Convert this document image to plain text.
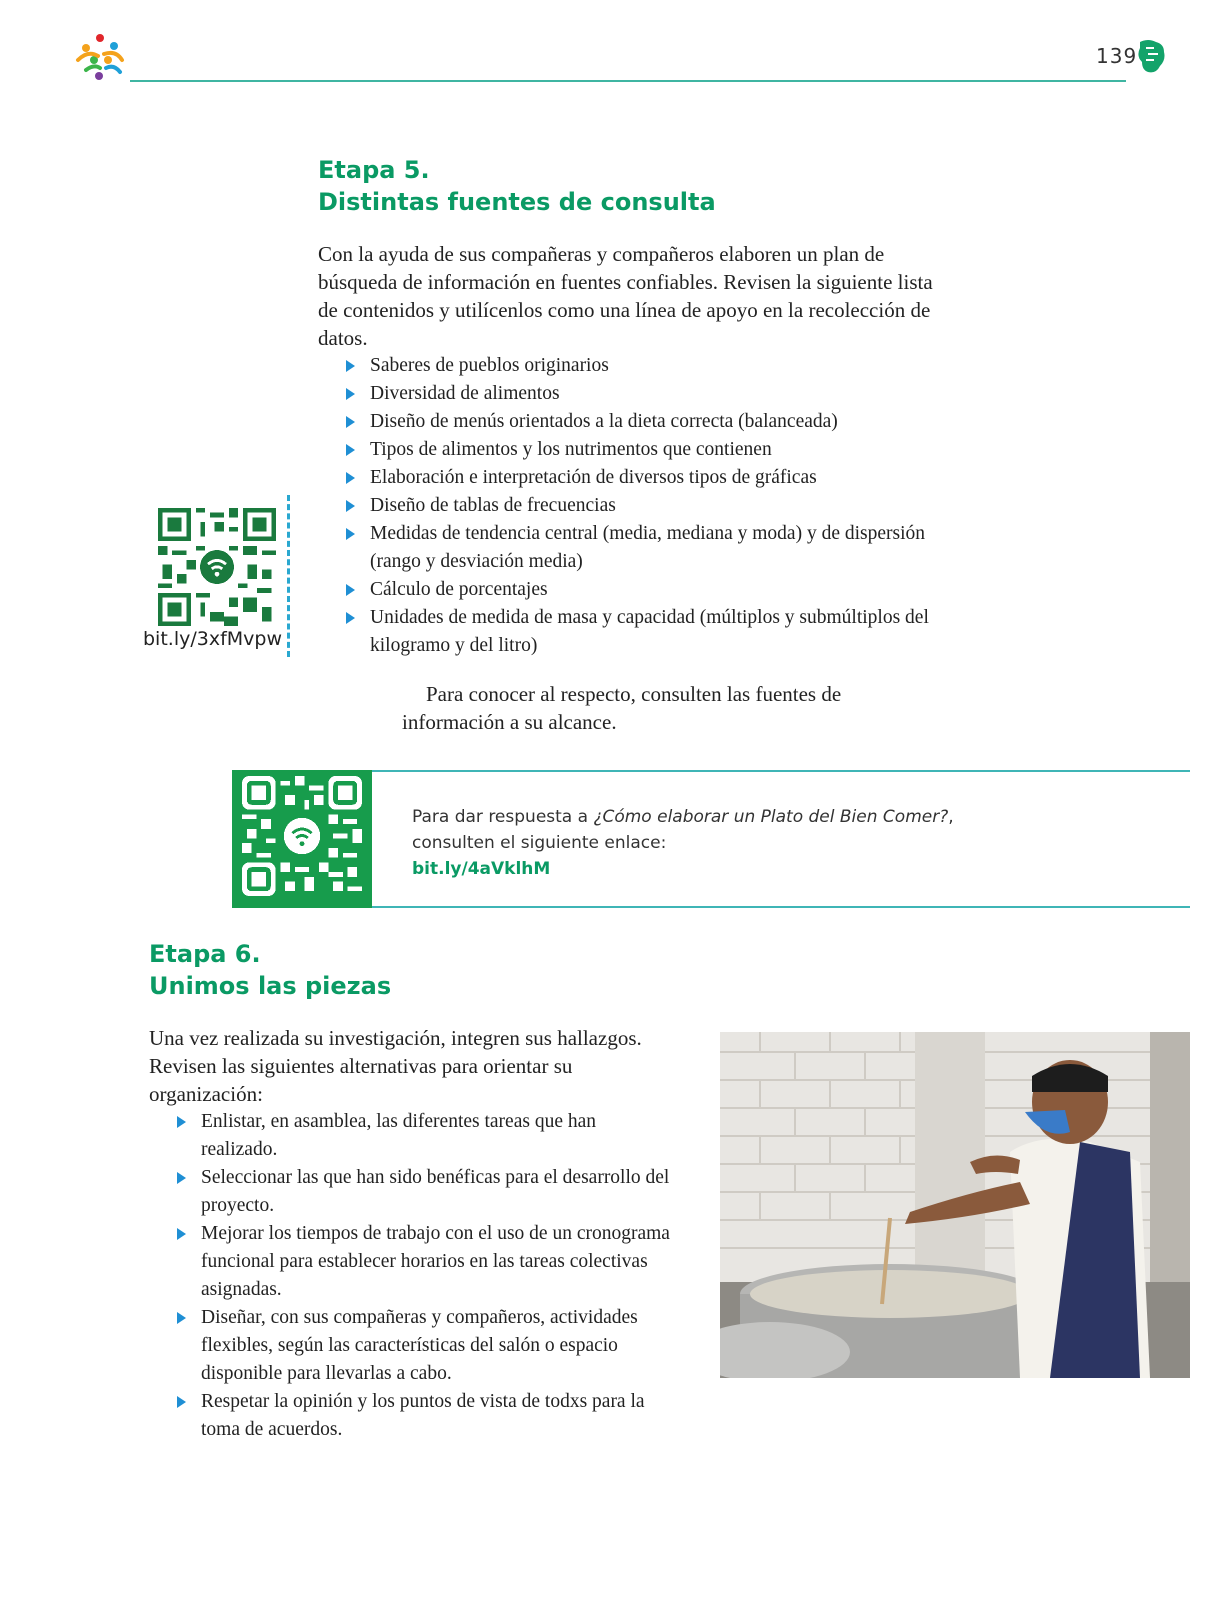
139
Etapa 5.
Distintas fuentes de consulta

Con la ayuda de sus compañeras y compañeros elaboren un plan de búsqueda de información en fuentes confiables. Revisen la siguiente lista de contenidos y utilícenlos como una línea de apoyo en la recolección de datos.

Saberes de pueblos originarios
Diversidad de alimentos
Diseño de menús orientados a la dieta correcta (balanceada)
Tipos de alimentos y los nutrimentos que contienen
Elaboración e interpretación de diversos tipos de gráficas
Diseño de tablas de frecuencias
Medidas de tendencia central (media, mediana y moda) y de dispersión (rango y desviación media)
Cálculo de porcentajes
Unidades de medida de masa y capacidad (múltiplos y submúltiplos del kilogramo y del litro)
bit.ly/3xfMvpw

Para conocer al respecto, consulten las fuentes de
información a su alcance.

Para dar respuesta a ¿Cómo elaborar un Plato del Bien Comer?,
consulten el siguiente enlace:
bit.ly/4aVklhM
Etapa 6.
Unimos las piezas

Una vez realizada su investigación, integren sus hallazgos. Revisen las siguientes alternativas para orientar su organización:

Enlistar, en asamblea, las diferentes tareas que han realizado.
Seleccionar las que han sido benéficas para el desarrollo del proyecto.
Mejorar los tiempos de trabajo con el uso de un cronograma funcional para establecer horarios en las tareas colectivas asignadas.
Diseñar, con sus compañeras y compañeros, actividades flexibles, según las características del salón o espacio disponible para llevarlas a cabo.
Respetar la opinión y los puntos de vista de todxs para la toma de acuerdos.
